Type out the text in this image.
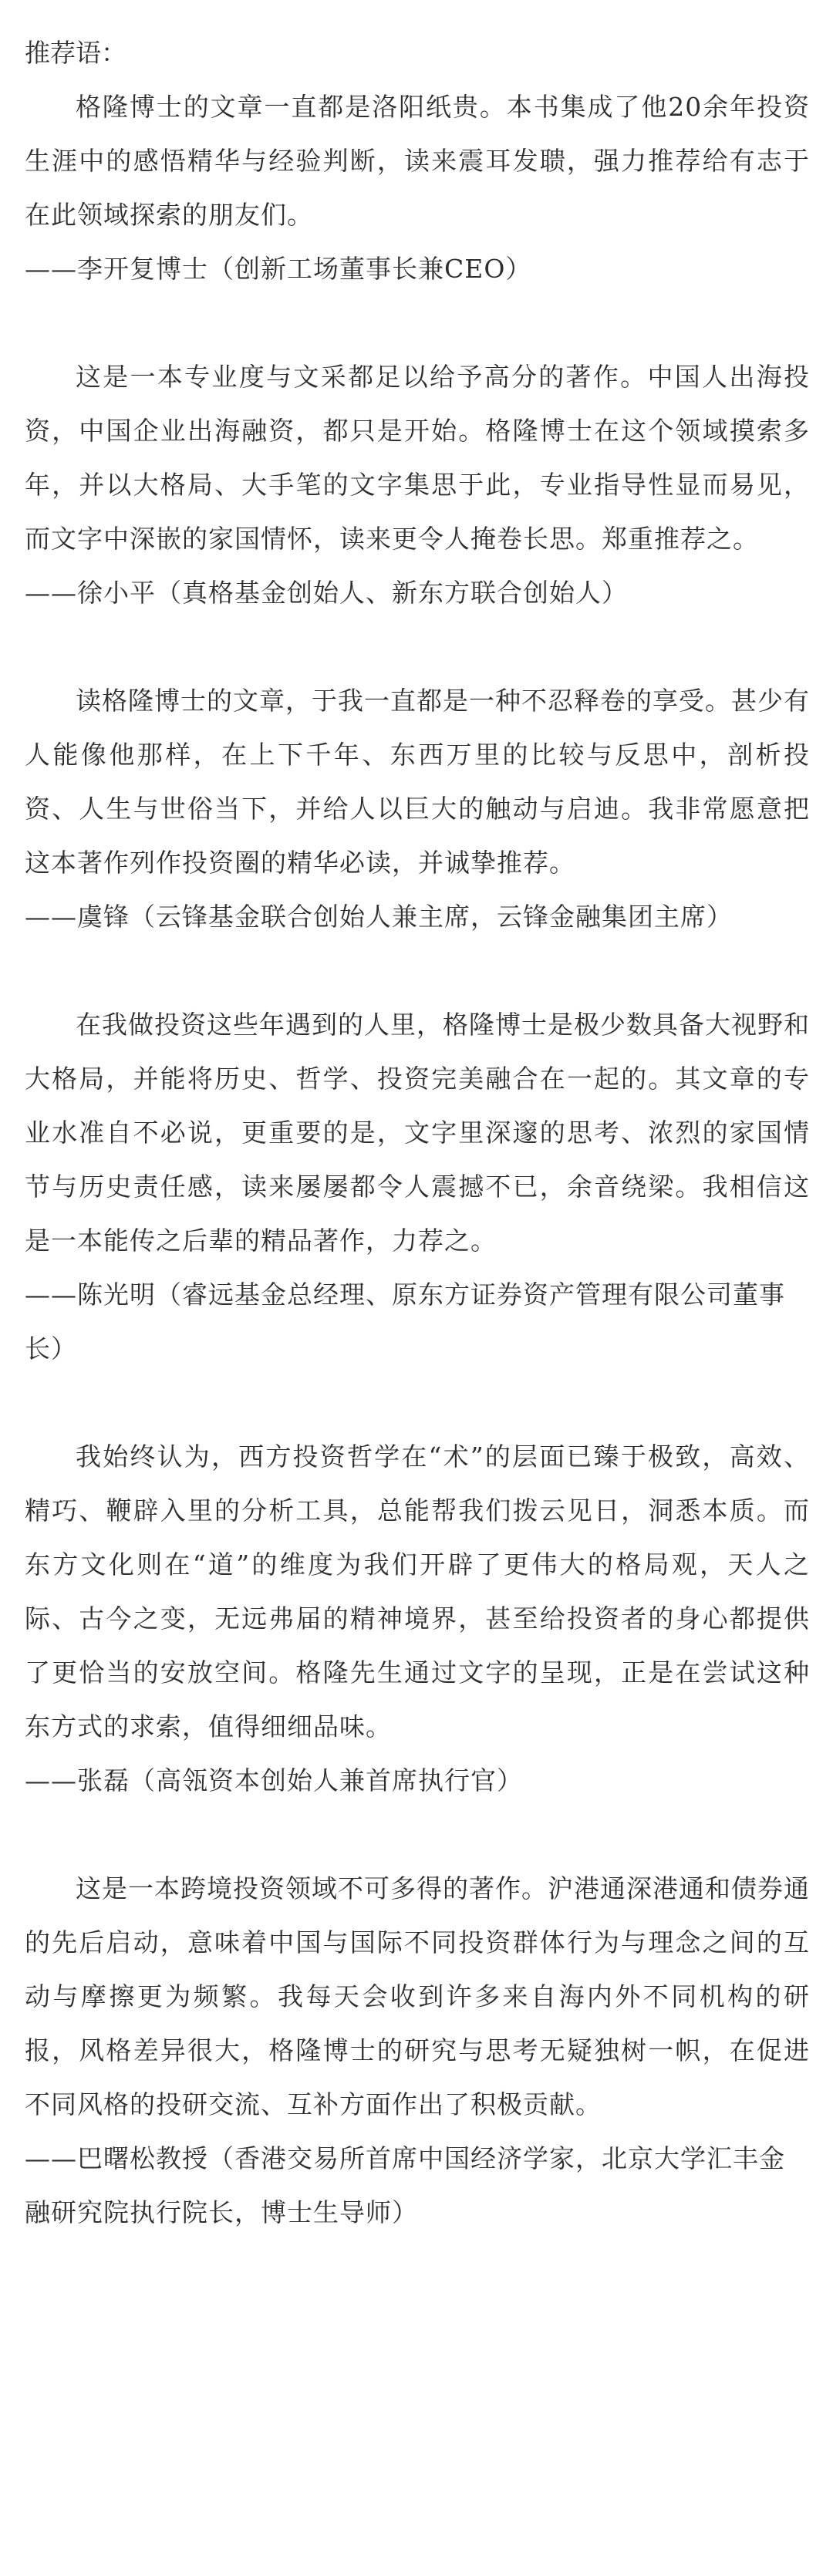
推荐语：

格隆博士的文章一直都是洛阳纸贵。本书集成了他20余年投资生涯中的感悟精华与经验判断，读来震耳发聩，强力推荐给有志于在此领域探索的朋友们。

——李开复博士（创新工场董事长兼CEO）

这是一本专业度与文采都足以给予高分的著作。中国人出海投资，中国企业出海融资，都只是开始。格隆博士在这个领域摸索多年，并以大格局、大手笔的文字集思于此，专业指导性显而易见，而文字中深嵌的家国情怀，读来更令人掩卷长思。郑重推荐之。

——徐小平（真格基金创始人、新东方联合创始人）

读格隆博士的文章，于我一直都是一种不忍释卷的享受。甚少有人能像他那样，在上下千年、东西万里的比较与反思中，剖析投资、人生与世俗当下，并给人以巨大的触动与启迪。我非常愿意把这本著作列作投资圈的精华必读，并诚挚推荐。

——虞锋（云锋基金联合创始人兼主席，云锋金融集团主席）

在我做投资这些年遇到的人里，格隆博士是极少数具备大视野和大格局，并能将历史、哲学、投资完美融合在一起的。其文章的专业水准自不必说，更重要的是，文字里深邃的思考、浓烈的家国情节与历史责任感，读来屡屡都令人震撼不已，余音绕梁。我相信这是一本能传之后辈的精品著作，力荐之。

——陈光明（睿远基金总经理、原东方证券资产管理有限公司董事长）

我始终认为，西方投资哲学在“术”的层面已臻于极致，高效、精巧、鞭辟入里的分析工具，总能帮我们拨云见日，洞悉本质。而东方文化则在“道”的维度为我们开辟了更伟大的格局观，天人之际、古今之变，无远弗届的精神境界，甚至给投资者的身心都提供了更恰当的安放空间。格隆先生通过文字的呈现，正是在尝试这种东方式的求索，值得细细品味。

——张磊（高瓴资本创始人兼首席执行官）

这是一本跨境投资领域不可多得的著作。沪港通深港通和债券通的先后启动，意味着中国与国际不同投资群体行为与理念之间的互动与摩擦更为频繁。我每天会收到许多来自海内外不同机构的研报，风格差异很大，格隆博士的研究与思考无疑独树一帜，在促进不同风格的投研交流、互补方面作出了积极贡献。

——巴曙松教授（香港交易所首席中国经济学家，北京大学汇丰金融研究院执行院长，博士生导师）
